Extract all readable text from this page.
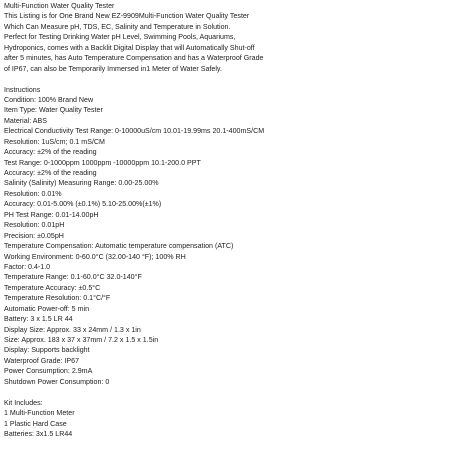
Multi-Function Water Quality Tester
This Listing is for One Brand New EZ-9909Multi-Function Water Quality Tester
Which Can Measure pH, TDS, EC, Salinity and Temperature in Solution.
Perfect for Testing Drinking Water pH Level, Swimming Pools, Aquariums,
Hydroponics, comes with a Backlit Digital Display that will Automatically Shut-off
after 5 minutes, has Auto Temperature Compensation and has a Waterproof Grade
of IP67, can also be Temporarily Immersed in1 Meter of Water Safely.
Instructions
Condition: 100% Brand New
Item Type: Water Quality Tester
Material: ABS
Electrical Conductivity Test Range: 0-10000uS/cm 10.01-19.99ms 20.1-400mS/CM
Resolution: 1uS/cm; 0.1 mS/CM
Accuracy: ±2% of the reading
Test Range: 0-1000ppm 1000ppm -10000ppm 10.1-200.0 PPT
Accuracy: ±2% of the reading
Salinity (Salinity) Measuring Range: 0.00-25.00%
Resolution: 0.01%
Accuracy: 0.01-5.00% (±0.1%) 5.10-25.00%(±1%)
PH Test Range: 0.01-14.00pH
Resolution: 0.01pH
Precision: ±0.05pH
Temperature Compensation: Automatic temperature compensation (ATC)
Working Environment: 0-60.0°C (32.00-140 °F); 100% RH
Factor: 0.4-1.0
Temperature Range: 0.1-60.0°C 32.0-140°F
Temperature Accuracy: ±0.5°C
Temperature Resolution: 0.1°C/°F
Automatic Power-off: 5 min
Battery: 3 x 1.5 LR 44
Display Size: Approx. 33 x 24mm / 1.3 x 1in
Size: Approx. 183 x 37 x 37mm / 7.2 x 1.5 x 1.5in
Display: Supports backlight
Waterproof Grade: IP67
Power Consumption: 2.9mA
Shutdown Power Consumption: 0
Kit Includes:
1 Multi-Function Meter
1 Plastic Hard Case
Batteries: 3x1.5 LR44
